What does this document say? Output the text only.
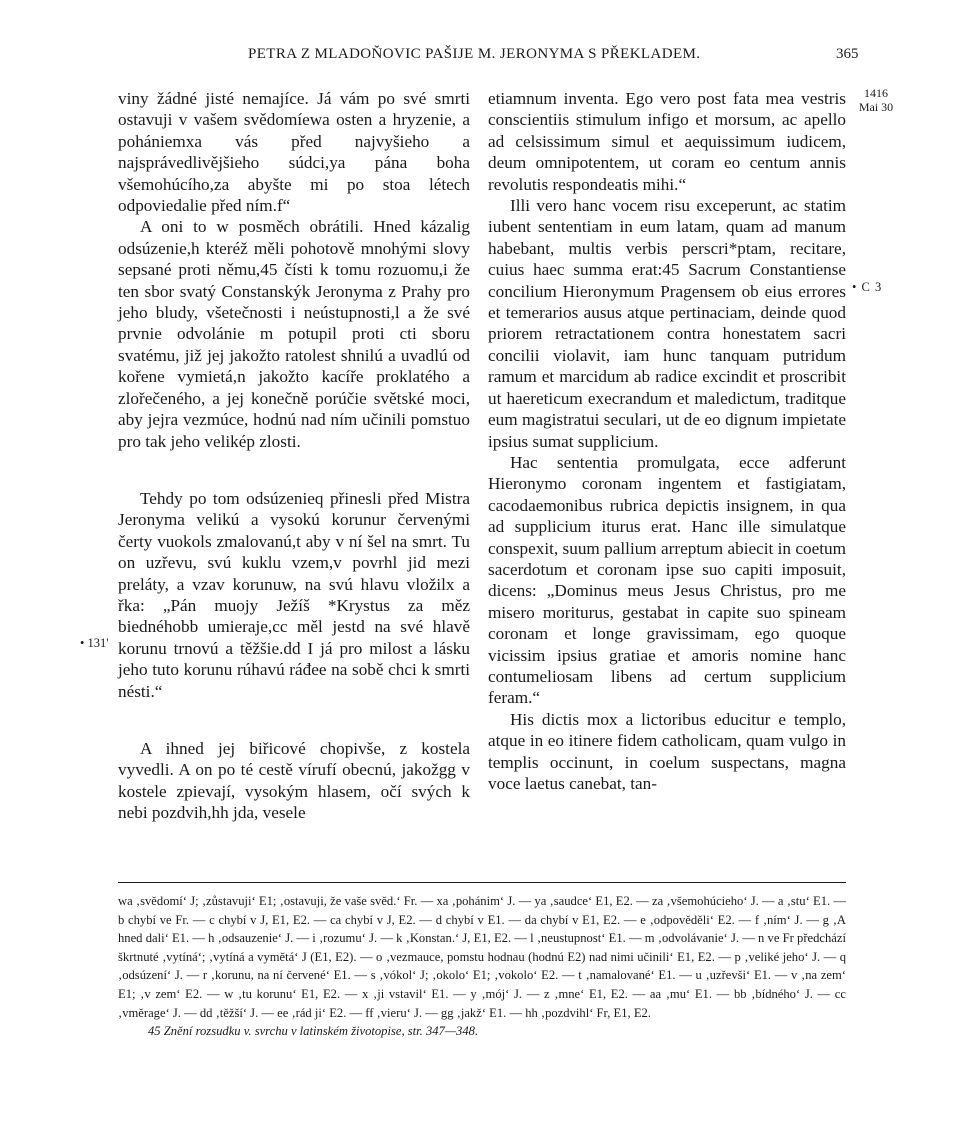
PETRA Z MLADOŇOVIC PAŠIJE M. JERONYMA S PŘEKLADEM.	365
1416
Mai 30
• C 3
• 131'

viny žádné jisté nemajíce. Já vám po své smrti ostavuji v vašem svědomíewa osten a hryzenie, a pohániemxa vás před najvyšieho a najsprávedlivějšieho súdci,ya pána boha všemohúcího,za abyšte mi po stoa létech odpoviedalie před ním.f“

A oni to w posměch obrátili. Hned kázalig odsúzenie,h kteréž měli pohotově mnohými slovy sepsané proti němu,45 čísti k tomu rozuomu,i že ten sbor svatý Constanskýk Jeronyma z Prahy pro jeho bludy, všetečnosti i neústupnosti,l a že své prvnie odvolánie m potupil proti cti sboru svatému, již jej jakožto ratolest shnilú a uvadlú od kořene vymietá,n jakožto kacíře proklatého a zlořečeného, a jej konečně porúčie světské moci, aby jejra vezmúce, hodnú nad ním učinili pomstuo pro tak jeho velikép zlosti.

Tehdy po tom odsúzenieq přinesli před Mistra Jeronyma velikú a vysokú korunur červenými čerty vuokols zmalovanú,t aby v ní šel na smrt. Tu on uzřevu, svú kuklu vzem,v povrhl jid mezi preláty, a vzav korunuw, na svú hlavu vložilx a řka: „Pán muojy Ježíš *Krystus za měz biednéhobb umieraje,cc měl jestd na své hlavě korunu trnovú a těžšie.dd I já pro milost a lásku jeho tuto korunu rúhavú ráđee na sobě chci k smrti nésti.“

A ihned jej biřicové chopivše, z kostela vyvedli. A on po té cestě vírufí obecnú, jakožgg v kostele zpievají, vysokým hlasem, očí svých k nebi pozdvih,hh jda, vesele

etiamnum inventa. Ego vero post fata mea vestris conscientiis stimulum infigo et morsum, ac apello ad celsissimum simul et aequissimum iudicem, deum omnipotentem, ut coram eo centum annis revolutis respondeatis mihi.“

Illi vero hanc vocem risu exceperunt, ac statim iubent sententiam in eum latam, quam ad manum habebant, multis verbis perscri*ptam, recitare, cuius haec summa erat:45 Sacrum Constantiense concilium Hieronymum Pragensem ob eius errores et temerarios ausus atque pertinaciam, deinde quod priorem retractationem contra honestatem sacri concilii violavit, iam hunc tanquam putridum ramum et marcidum ab radice excindit et proscribit ut haereticum execrandum et maledictum, traditque eum magistratui seculari, ut de eo dignum impietate ipsius sumat supplicium.

Hac sententia promulgata, ecce adferunt Hieronymo coronam ingentem et fastigiatam, cacodaemonibus rubrica depictis insignem, in qua ad supplicium iturus erat. Hanc ille simulatque conspexit, suum pallium arreptum abiecit in coetum sacerdotum et coronam ipse suo capiti imposuit, dicens: „Dominus meus Jesus Christus, pro me misero moriturus, gestabat in capite suo spineam coronam et longe gravissimam, ego quoque vicissim ipsius gratiae et amoris nomine hanc contumeliosam libens ad certum supplicium feram.“

His dictis mox a lictoribus educitur e templo, atque in eo itinere fidem catholicam, quam vulgo in templis occinunt, in coelum suspectans, magna voce laetus canebat, tan-

wa ‚svědomí‘ J; ‚zůstavuji‘ E1; ‚ostavuji, že vaše svěd.‘ Fr. — xa ‚pohánim‘ J. — ya ‚saudce‘ E1, E2. — za ‚všemohúcieho‘ J. — a ‚stu‘ E1. — b chybí ve Fr. — c chybí v J, E1, E2. — ca chybí v J, E2. — d chybí v E1. — da chybí v E1, E2. — e ‚odpověděli‘ E2. — f ‚ním‘ J. — g ‚A hned dali‘ E1. — h ‚odsauzenie‘ J. — i ‚rozumu‘ J. — k ‚Konstan.‘ J, E1, E2. — l ‚neustupnost‘ E1. — m ‚odvolávanie‘ J. — n ve Fr předchází škrtnuté ‚vytíná‘; ‚vytíná a vymětá‘ J (E1, E2). — o ‚vezmauce, pomstu hodnau (hodnú E2) nad nimi učinili‘ E1, E2. — p ‚veliké jeho‘ J. — q ‚odsúzení‘ J. — r ‚korunu, na ní červené‘ E1. — s ‚vókol‘ J; ‚okolo‘ E1; ‚vokolo‘ E2. — t ‚namalované‘ E1. — u ‚uzřevši‘ E1. — v ‚na zem‘ E1; ‚v zem‘ E2. — w ‚tu korunu‘ E1, E2. — x ‚ji vstavil‘ E1. — y ‚mój‘ J. — z ‚mne‘ E1, E2. — aa ‚mu‘ E1. — bb ‚bídného‘ J. — cc ‚vměrage‘ J. — dd ‚těžší‘ J. — ee ‚rád ji‘ E2. — ff ‚vieru‘ J. — gg ‚jakž‘ E1. — hh ‚pozdvihl‘ Fr, E1, E2.

45 Znění rozsudku v. svrchu v latinském životopise, str. 347—348.
